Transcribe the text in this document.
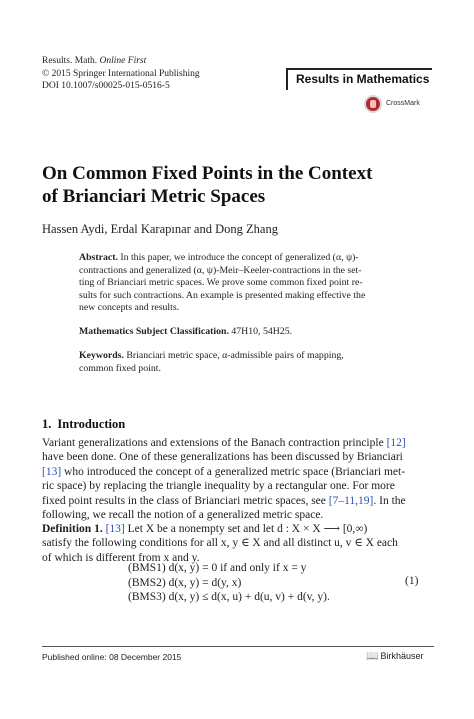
Results. Math. Online First
© 2015 Springer International Publishing
DOI 10.1007/s00025-015-0516-5	Results in Mathematics
CrossMark
On Common Fixed Points in the Context
of Brianciari Metric Spaces
Hassen Aydi, Erdal Karapınar and Dong Zhang
Abstract. In this paper, we introduce the concept of generalized (α, ψ)-
contractions and generalized (α, ψ)-Meir–Keeler-contractions in the set-
ting of Brianciari metric spaces. We prove some common fixed point re-
sults for such contractions. An example is presented making effective the
new concepts and results.
Mathematics Subject Classification. 47H10, 54H25.
Keywords. Brianciari metric space, α-admissible pairs of mapping,
common fixed point.
1. Introduction
Variant generalizations and extensions of the Banach contraction principle [12]
have been done. One of these generalizations has been discussed by Brianciari
[13] who introduced the concept of a generalized metric space (Brianciari met-
ric space) by replacing the triangle inequality by a rectangular one. For more
fixed point results in the class of Brianciari metric spaces, see [7–11,19]. In the
following, we recall the notion of a generalized metric space.
Definition 1. [13] Let X be a nonempty set and let d : X × X ⟶ [0,∞)
satisfy the following conditions for all x, y ∈ X and all distinct u, v ∈ X each
of which is different from x and y.
(BMS1) d(x, y) = 0 if and only if x = y
(BMS2) d(x, y) = d(y, x)
(BMS3) d(x, y) ≤ d(x, u) + d(u, v) + d(v, y).
(1)
Published online: 08 December 2015	📖 Birkhäuser
